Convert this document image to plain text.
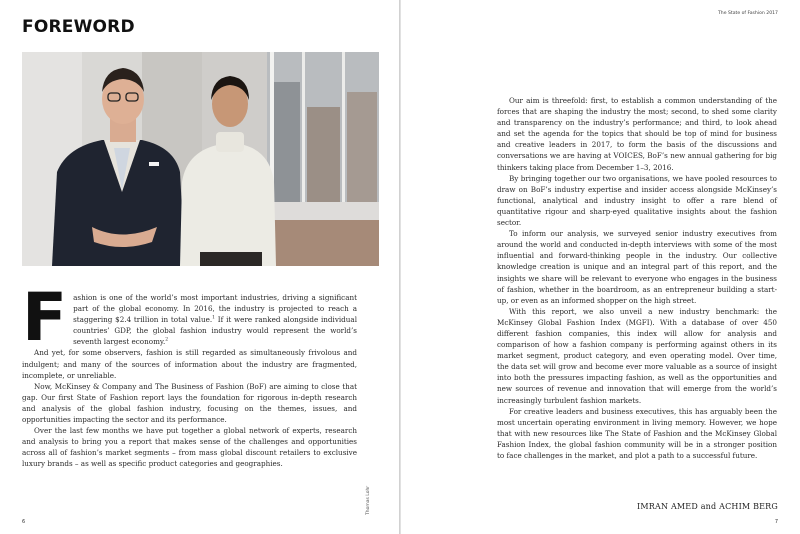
FOREWORD
Thomas Lohr

Fashion is one of the world’s most important industries, driving a significant part of the global economy. In 2016, the industry is projected to reach a staggering $2.4 trillion in total value.$^1$ If it were ranked alongside individual countries’ GDP, the global fashion industry would represent the world’s seventh largest economy.$^2$

And yet, for some observers, fashion is still regarded as simultaneously frivolous and indulgent; and many of the sources of information about the industry are fragmented, incomplete, or unreliable.

Now, McKinsey & Company and The Business of Fashion (BoF) are aiming to close that gap. Our first State of Fashion report lays the foundation for rigorous in-depth research and analysis of the global fashion industry, focusing on the themes, issues, and opportunities impacting the sector and its performance.

Over the last few months we have put together a global network of experts, research and analysis to bring you a report that makes sense of the challenges and opportunities across all of fashion’s market segments – from mass global discount retailers to exclusive luxury brands – as well as specific product categories and geographies.

6
The State of Fashion 2017

Our aim is threefold: first, to establish a common understanding of the forces that are shaping the industry the most; second, to shed some clarity and transparency on the industry’s performance; and third, to look ahead and set the agenda for the topics that should be top of mind for business and creative leaders in 2017, to form the basis of the discussions and conversations we are having at VOICES, BoF’s new annual gathering for big thinkers taking place from December 1–3, 2016.

By bringing together our two organisations, we have pooled resources to draw on BoF’s industry expertise and insider access alongside McKinsey’s functional, analytical and industry insight to offer a rare blend of quantitative rigour and sharp-eyed qualitative insights about the fashion sector.

To inform our analysis, we surveyed senior industry executives from around the world and conducted in-depth interviews with some of the most influential and forward-thinking people in the industry. Our collective knowledge creation is unique and an integral part of this report, and the insights we share will be relevant to everyone who engages in the business of fashion, whether in the boardroom, as an entrepreneur building a start-up, or even as an informed shopper on the high street.

With this report, we also unveil a new industry benchmark: the McKinsey Global Fashion Index (MGFI). With a database of over 450 different fashion companies, this index will allow for analysis and comparison of how a fashion company is performing against others in its market segment, product category, and even operating model. Over time, the data set will grow and become ever more valuable as a source of insight into both the pressures impacting fashion, as well as the opportunities and new sources of revenue and innovation that will emerge from the world’s increasingly turbulent fashion markets.

For creative leaders and business executives, this has arguably been the most uncertain operating environment in living memory. However, we hope that with new resources like The State of Fashion and the McKinsey Global Fashion Index, the global fashion community will be in a stronger position to face challenges in the market, and plot a path to a successful future.

IMRAN AMED and ACHIM BERG
7
